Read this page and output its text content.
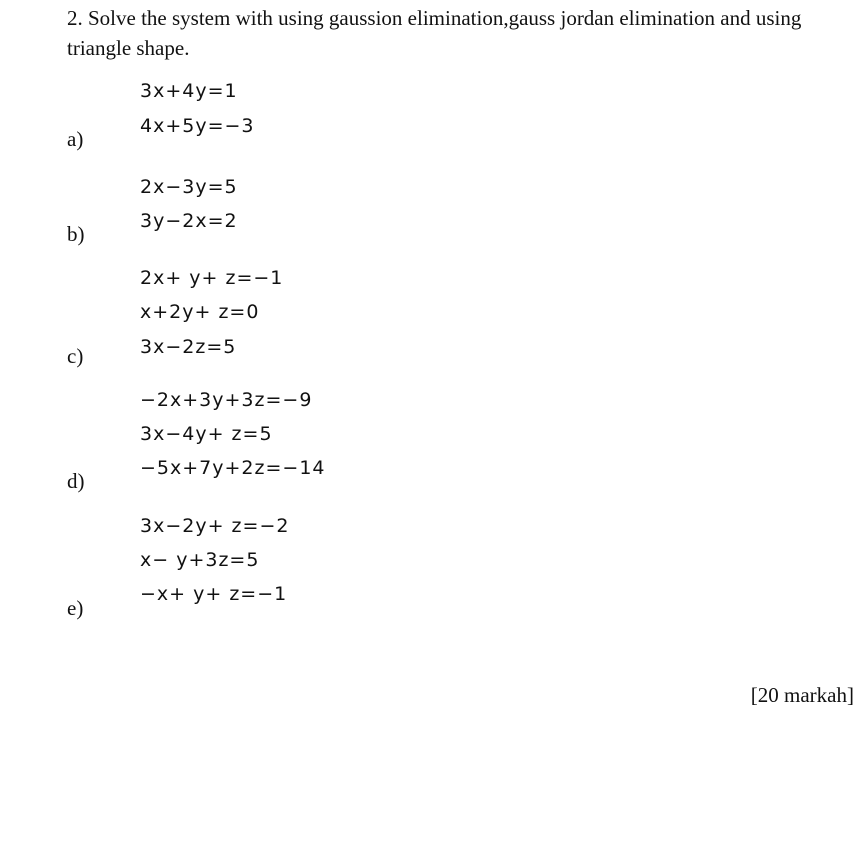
2. Solve the system with using gaussion elimination,gauss jordan elimination and using triangle shape.
3x+4y=1
4x+5y=−3
a)
2x−3y=5
3y−2x=2
b)
2x+ y+ z=−1
x+2y+ z=0
3x−2z=5
c)
−2x+3y+3z=−9
3x−4y+ z=5
−5x+7y+2z=−14
d)
3x−2y+ z=−2
x− y+3z=5
−x+ y+ z=−1
e)
[20 markah]
